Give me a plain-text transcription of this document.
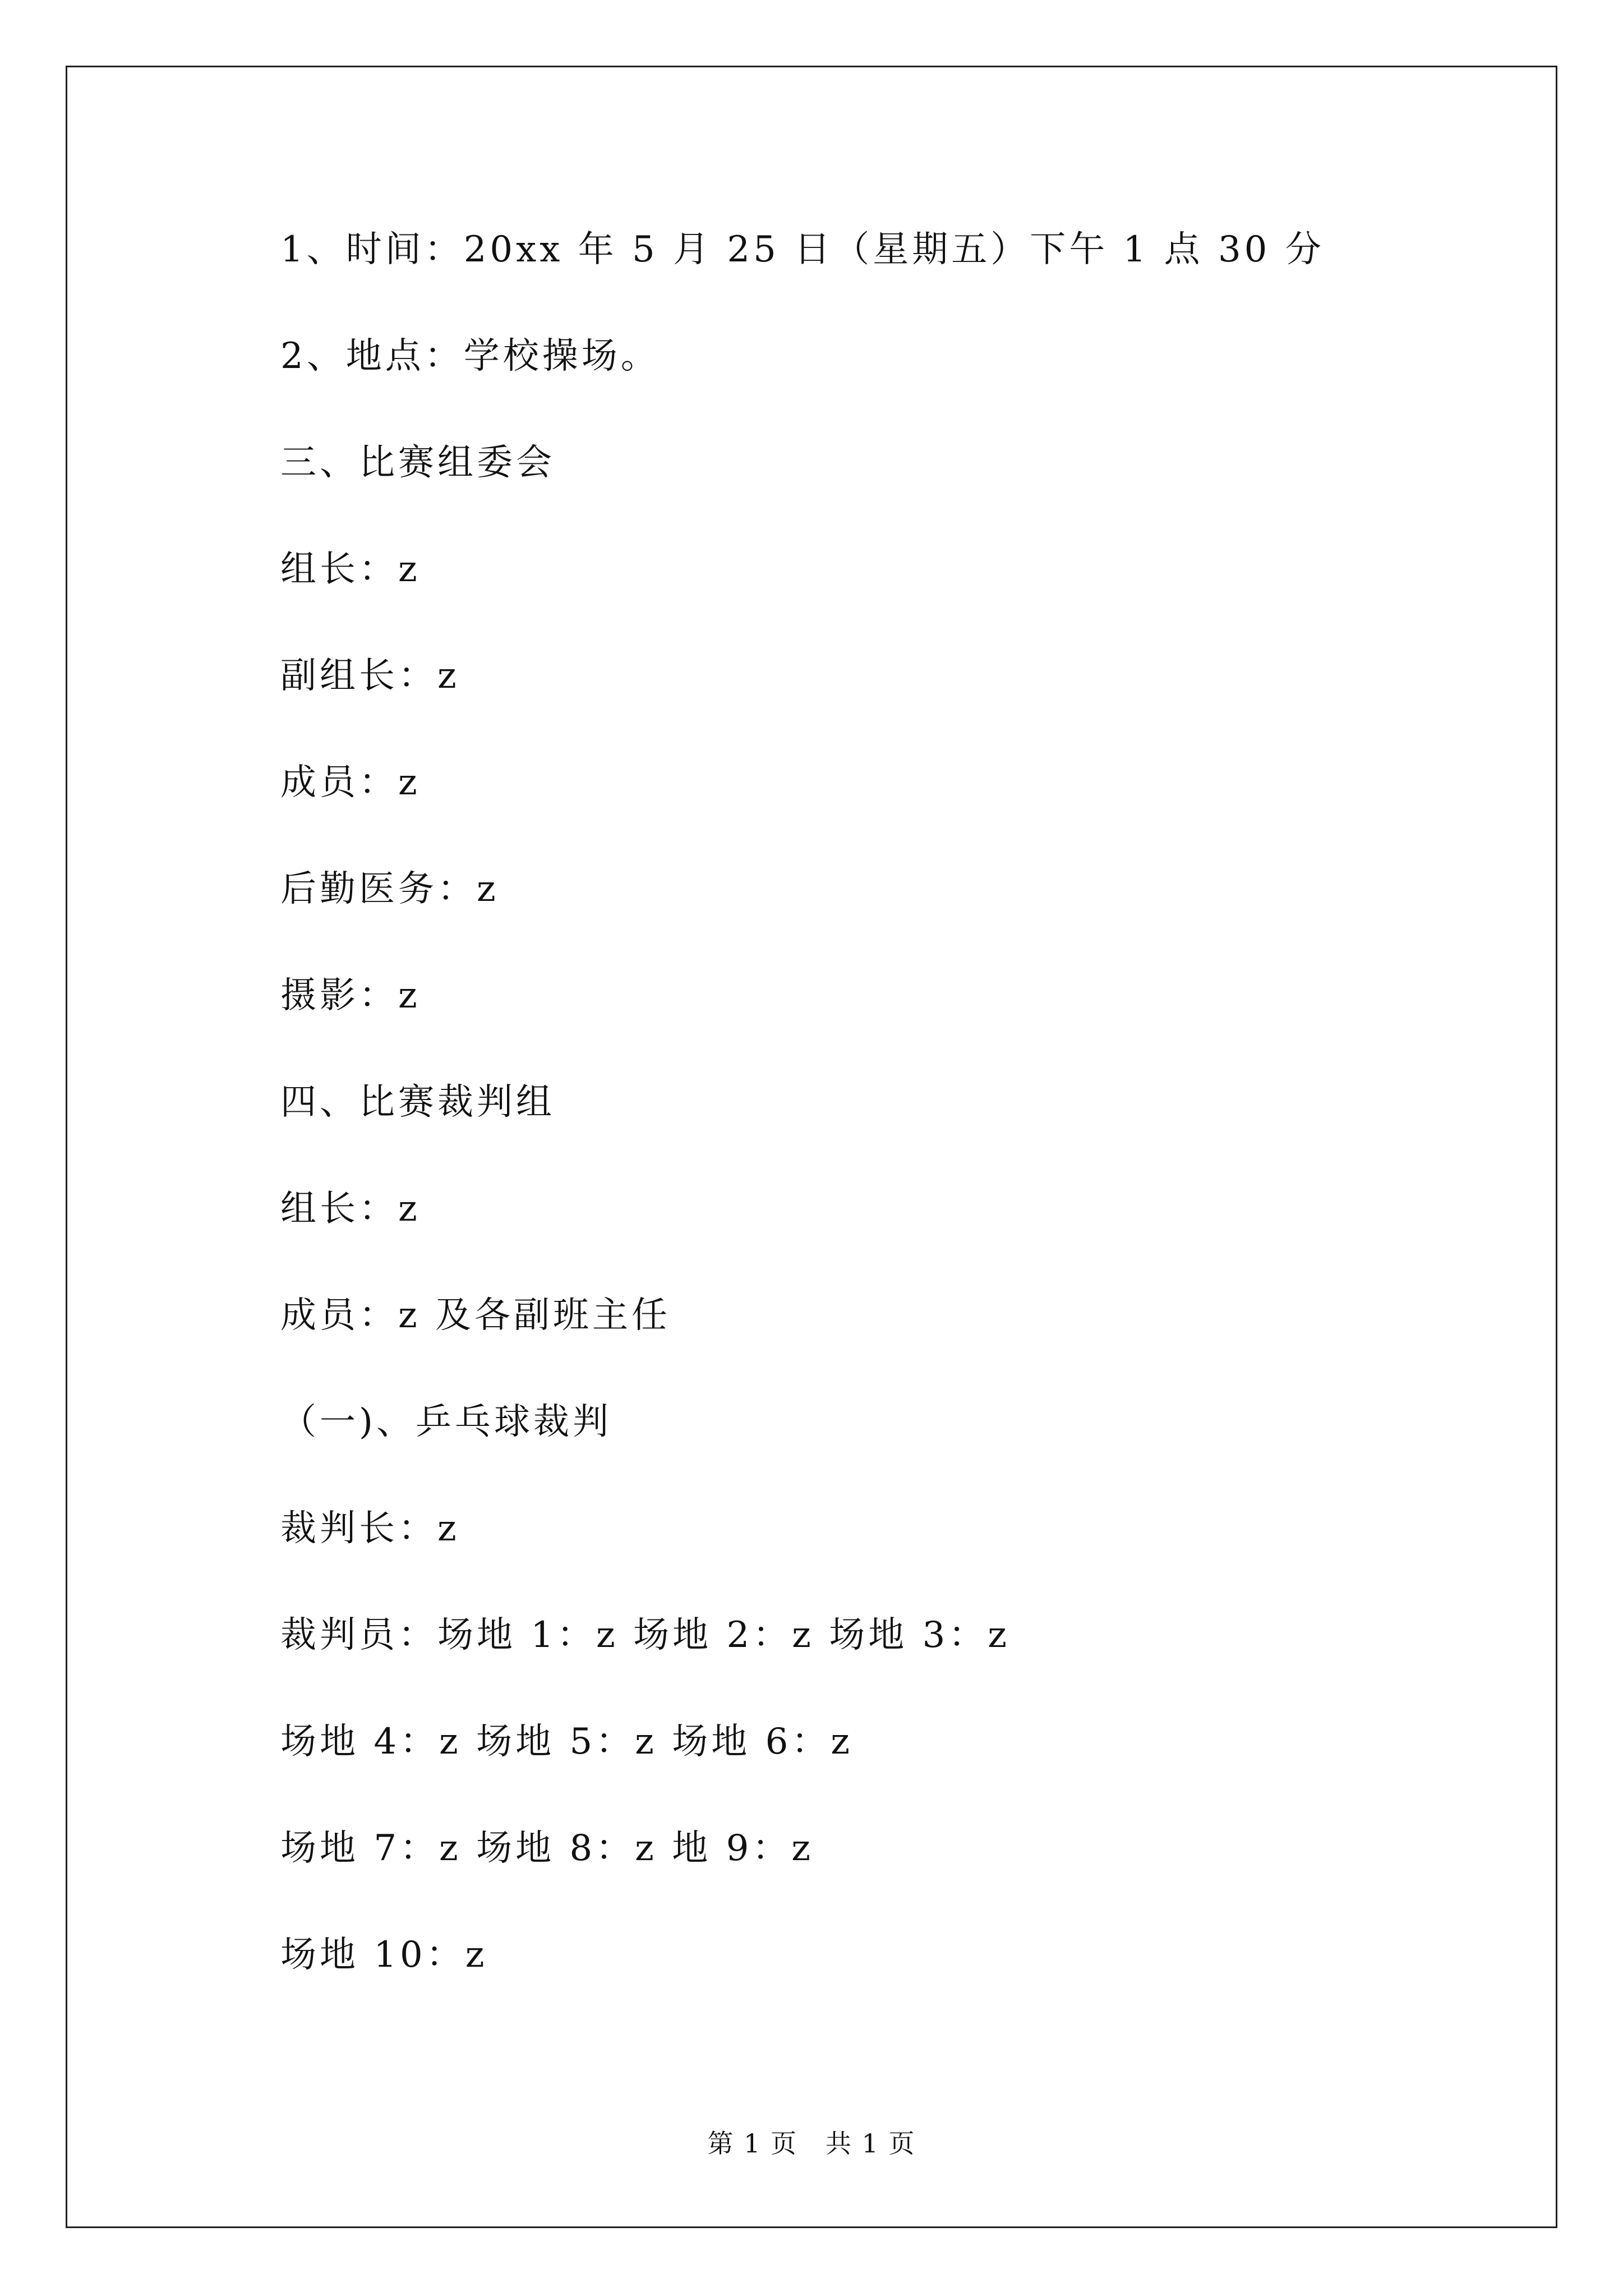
1、时间：20xx 年 5 月 25 日（星期五）下午 1 点 30 分
2、地点：学校操场。
三、比赛组委会
组长：z
副组长：z
成员：z
后勤医务：z
摄影：z
四、比赛裁判组
组长：z
成员：z 及各副班主任
（一)、乒乓球裁判
裁判长：z
裁判员：场地 1：z 场地 2：z 场地 3：z
场地 4：z 场地 5：z 场地 6：z
场地 7：z 场地 8：z 地 9：z
场地 10：z
第 1 页 共 1 页
